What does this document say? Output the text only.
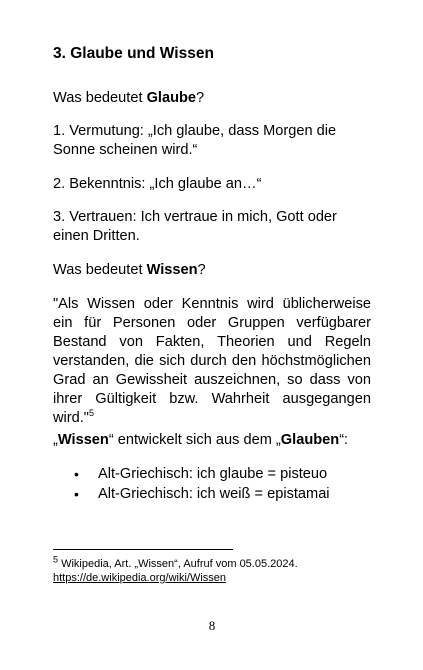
3. Glaube und Wissen
Was bedeutet Glaube?
1. Vermutung: „Ich glaube, dass Morgen die Sonne scheinen wird.“
2. Bekenntnis: „Ich glaube an…“
3. Vertrauen: Ich vertraue in mich, Gott oder einen Dritten.
Was bedeutet Wissen?
"Als Wissen oder Kenntnis wird üblicherweise ein für Personen oder Gruppen verfügbarer Bestand von Fakten, Theorien und Regeln verstanden, die sich durch den höchstmöglichen Grad an Gewissheit auszeichnen, so dass von ihrer Gültigkeit bzw. Wahrheit ausgegangen wird."$^5$
„Wissen“ entwickelt sich aus dem „Glauben“:
• Alt-Griechisch: ich glaube = pisteuo
• Alt-Griechisch: ich weiß = epistamai
$^5$ Wikipedia, Art. „Wissen“, Aufruf vom 05.05.2024.
https://de.wikipedia.org/wiki/Wissen
8
